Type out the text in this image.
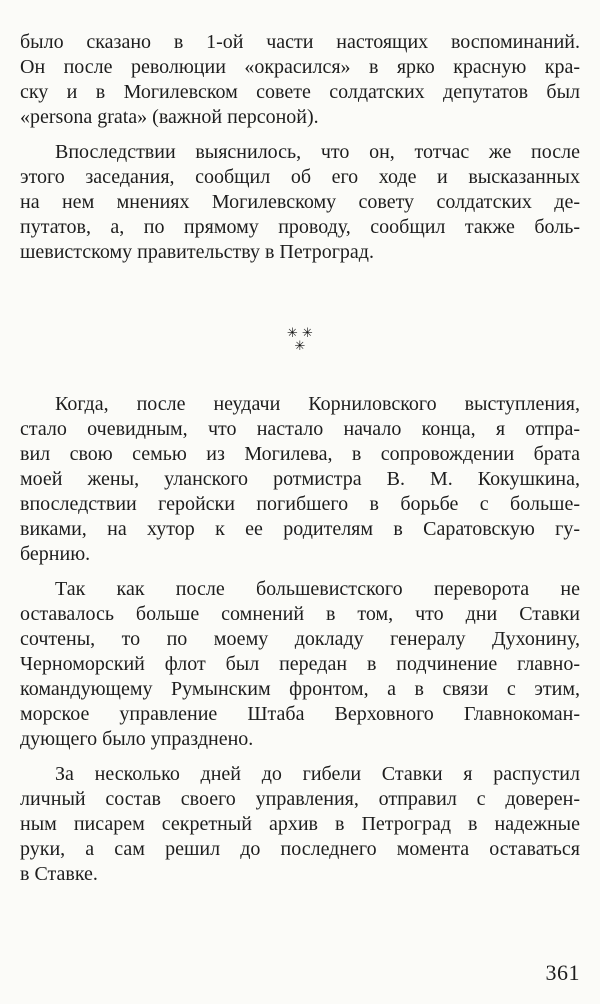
было сказано в 1-ой части настоящих воспоминаний.
Он после революции «окрасился» в ярко красную кра-
ску и в Могилевском совете солдатских депутатов был
«persona grata» (важной персоной).

Впоследствии выяснилось, что он, тотчас же после
этого заседания, сообщил об его ходе и высказанных
на нем мнениях Могилевскому совету солдатских де-
путатов, а, по прямому проводу, сообщил также боль-
шевистскому правительству в Петроград.

✳ ✳
✳

Когда, после неудачи Корниловского выступления,
стало очевидным, что настало начало конца, я отпра-
вил свою семью из Могилева, в сопровождении брата
моей жены, уланского ротмистра В. М. Кокушкина,
впоследствии геройски погибшего в борьбе с больше-
виками, на хутор к ее родителям в Саратовскую гу-
бернию.

Так как после большевистского переворота не
оставалось больше сомнений в том, что дни Ставки
сочтены, то по моему докладу генералу Духонину,
Черноморский флот был передан в подчинение главно-
командующему Румынским фронтом, а в связи с этим,
морское управление Штаба Верховного Главнокоман-
дующего было упразднено.

За несколько дней до гибели Ставки я распустил
личный состав своего управления, отправил с доверен-
ным писарем секретный архив в Петроград в надежные
руки, а сам решил до последнего момента оставаться
в Ставке.

361
